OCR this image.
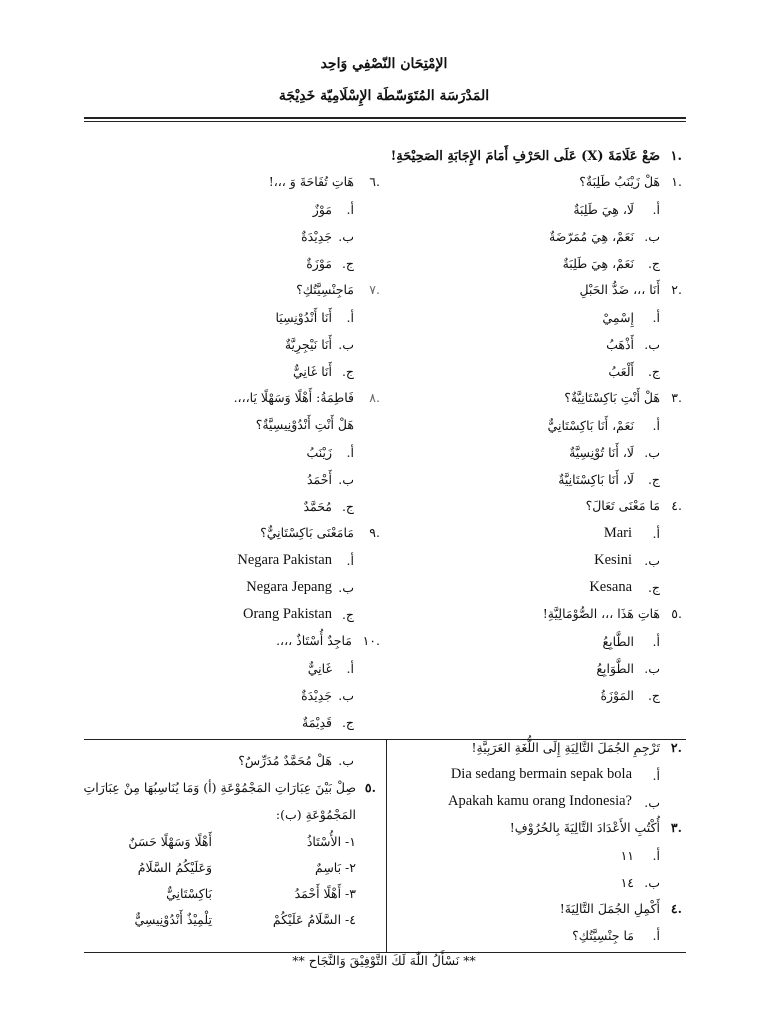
الإمْتِحَان النّصْفِي وَاحِد
المَدْرَسَة المُتَوَسّطَة الإِسْلَامِيّة خَدِيْجَة
.١
ضَعْ عَلَامَةَ (X) عَلَى الحَرْفِ أَمَامَ الإِجَابَةِ الصَحِيْحَةِ!
.١
هَلْ زَيْنَبُ طَلِبَةٌ؟
أ.
لَا، هِيَ طَلِبَةٌ
ب.
نَعَمْ، هِيَ مُمَرّضَةٌ
ج.
نَعَمْ، هِيَ طَلِبَةٌ
.٢
أَنَا ،،، ضَدُّ الحَبْلِ
أ.
إِسْمِيْ
ب.
أَذْهَبُ
ج.
أَلْعَبُ
.٣
هَلْ أَنْتِ بَاكِسْتَانِيَّةٌ؟
أ.
نَعَمْ، أَنَا بَاكِسْتَانِيٌّ
ب.
لَا، أَنَا تُوْنِسِيَّةٌ
ج.
لَا، أَنَا بَاكِسْتَانِيَّةٌ
.٤
مَا مَعْنَى تَعَالَ؟
أ.
Mari
ب.
Kesini
ج.
Kesana
.٥
هَاتِ هَذَا ،،، الصُّوْمَالِيَّةِ!
أ.
الطَّابِعُ
ب.
الطَّوَابِعُ
ج.
المَوْزَةُ
.٦
هَاتِ تُفَاحَةَ وَ ،،،!
أ.
مَوْزٌ
ب.
جَدِيْدَةٌ
ج.
مَوْزَةٌ
.٧
مَاجِنْسِيَّتُكِ؟
أ.
أَنَا أَنْدُوْنِسِيَا
ب.
أَنَا نَيْجِرِيَّةٌ
ج.
أَنَا غَانِيٌّ
.٨
فَاطِمَةُ: أَهْلًا وَسَهْلًا يَا،،،.
هَلْ أَنْتِ أَنْدُوْنِيسِيَّةٌ؟
أ.
زَيْنَبُ
ب.
أَحْمَدُ
ج.
مُحَمَّدٌ
.٩
مَامَعْنَى بَاكِسْتَانِيٌّ؟
أ.
Negara Pakistan
ب.
Negara Jepang
ج.
Orang Pakistan
.١٠
مَاجِدٌ أُسْتَاذٌ ،،،.
أ.
غَانِيٌّ
ب.
جَدِيْدَةٌ
ج.
قَدِيْمَةٌ
.٢
تَرْجِمِ الجُمَلَ التَّالِيَةِ إِلَى اللُّغَةِ العَرَبِيَّةِ!
أ.
Dia sedang bermain sepak bola
ب.
Apakah kamu orang Indonesia?
.٣
أُكْتُبِ الأَعْدَادَ التَّالِيَةَ بِالحُرُوْفِ!
أ.
١١
ب.
١٤
.٤
أَكْمِلِ الجُمَلَ التَّالِيَةَ!
أ.
مَا جِنْسِيَّتُكِ؟
ب.
هَلْ مُحَمَّدٌ مُدَرِّسٌ؟
.٥
صِلْ بَيْنَ عِبَارَاتِ المَجْمُوْعَةِ (أ) وَمَا يُنَاسِبُهَا مِنْ عِبَارَاتِ
المَجْمُوْعَةِ (ب):
١- الأُسْتَاذُ
٢- بَاسِمٌ
٣- أَهْلًا أَحْمَدُ
٤- السَّلَامُ عَلَيْكُمْ
أَهْلًا وَسَهْلًا حَسَنٌ
وَعَلَيْكُمُ السَّلَامُ
بَاكِسْتَانِيٌّ
تِلْمِيْذٌ أَنْدُوْنِيسِيٌّ
** نَسْأَلُ اللّٰهَ لَكَ التَّوْفِيْقَ وَالنَّجَاح **
